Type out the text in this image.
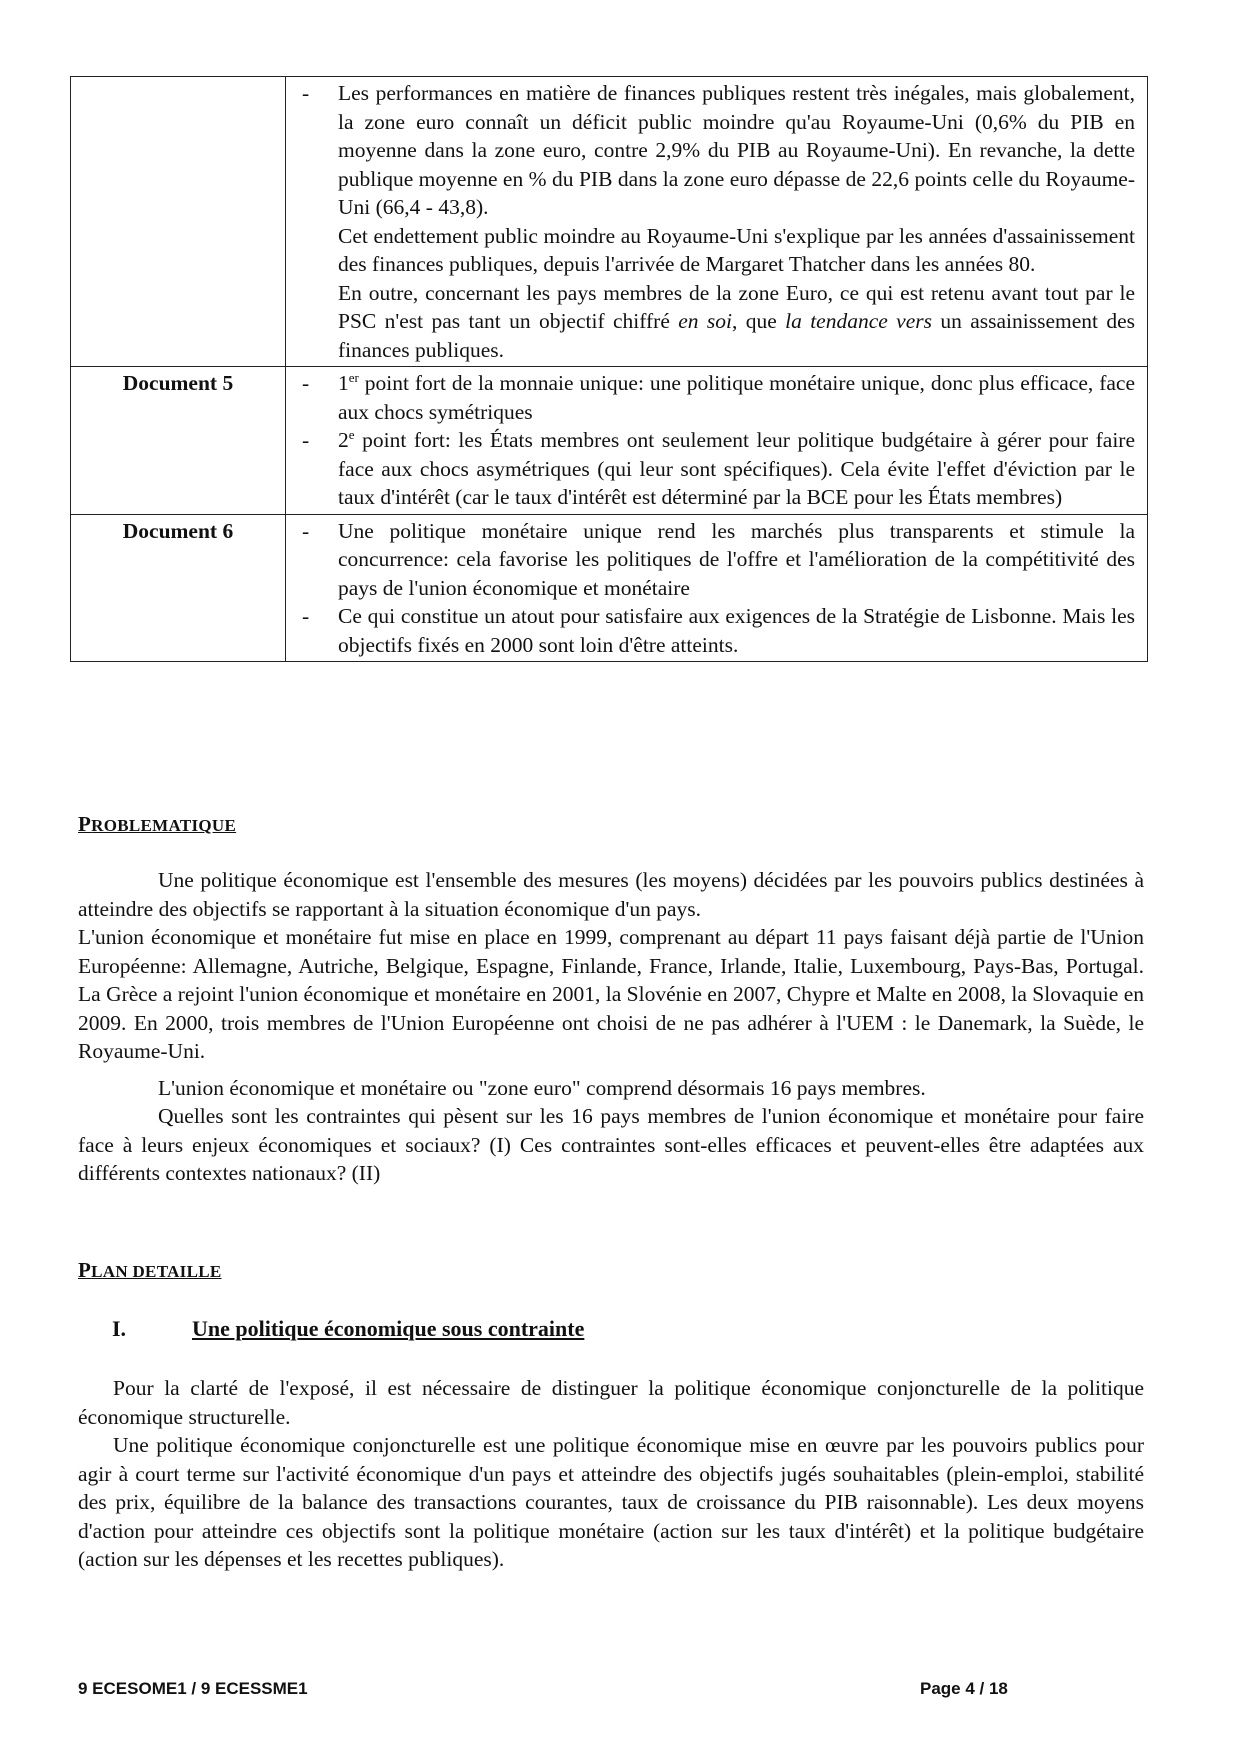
	- Les performances en matière de finances publiques restent très inégales, mais globalement, la zone euro connaît un déficit public moindre qu'au Royaume-Uni (0,6% du PIB en moyenne dans la zone euro, contre 2,9% du PIB au Royaume-Uni). En revanche, la dette publique moyenne en % du PIB dans la zone euro dépasse de 22,6 points celle du Royaume-Uni (66,4 - 43,8).
Cet endettement public moindre au Royaume-Uni s'explique par les années d'assainissement des finances publiques, depuis l'arrivée de Margaret Thatcher dans les années 80.
En outre, concernant les pays membres de la zone Euro, ce qui est retenu avant tout par le PSC n'est pas tant un objectif chiffré en soi, que la tendance vers un assainissement des finances publiques.

Document 5	- 1er point fort de la monnaie unique: une politique monétaire unique, donc plus efficace, face aux chocs symétriques
- 2e point fort: les États membres ont seulement leur politique budgétaire à gérer pour faire face aux chocs asymétriques (qui leur sont spécifiques). Cela évite l'effet d'éviction par le taux d'intérêt (car le taux d'intérêt est déterminé par la BCE pour les États membres)

Document 6	- Une politique monétaire unique rend les marchés plus transparents et stimule la concurrence: cela favorise les politiques de l'offre et l'amélioration de la compétitivité des pays de l'union économique et monétaire
- Ce qui constitue un atout pour satisfaire aux exigences de la Stratégie de Lisbonne. Mais les objectifs fixés en 2000 sont loin d'être atteints.
PROBLEMATIQUE

Une politique économique est l'ensemble des mesures (les moyens) décidées par les pouvoirs publics destinées à atteindre des objectifs se rapportant à la situation économique d'un pays.

L'union économique et monétaire fut mise en place en 1999, comprenant au départ 11 pays faisant déjà partie de l'Union Européenne: Allemagne, Autriche, Belgique, Espagne, Finlande, France, Irlande, Italie, Luxembourg, Pays-Bas, Portugal. La Grèce a rejoint l'union économique et monétaire en 2001, la Slovénie en 2007, Chypre et Malte en 2008, la Slovaquie en 2009. En 2000, trois membres de l'Union Européenne ont choisi de ne pas adhérer à l'UEM : le Danemark, la Suède, le Royaume-Uni.

L'union économique et monétaire ou "zone euro" comprend désormais 16 pays membres.

Quelles sont les contraintes qui pèsent sur les 16 pays membres de l'union économique et monétaire pour faire face à leurs enjeux économiques et sociaux? (I) Ces contraintes sont-elles efficaces et peuvent-elles être adaptées aux différents contextes nationaux? (II)

PLAN DETAILLE
I.	Une politique économique sous contrainte

Pour la clarté de l'exposé, il est nécessaire de distinguer la politique économique conjoncturelle de la politique économique structurelle.

Une politique économique conjoncturelle est une politique économique mise en œuvre par les pouvoirs publics pour agir à court terme sur l'activité économique d'un pays et atteindre des objectifs jugés souhaitables (plein-emploi, stabilité des prix, équilibre de la balance des transactions courantes, taux de croissance du PIB raisonnable). Les deux moyens d'action pour atteindre ces objectifs sont la politique monétaire (action sur les taux d'intérêt) et la politique budgétaire (action sur les dépenses et les recettes publiques).

9 ECESOME1 / 9 ECESSME1	Page 4 / 18
